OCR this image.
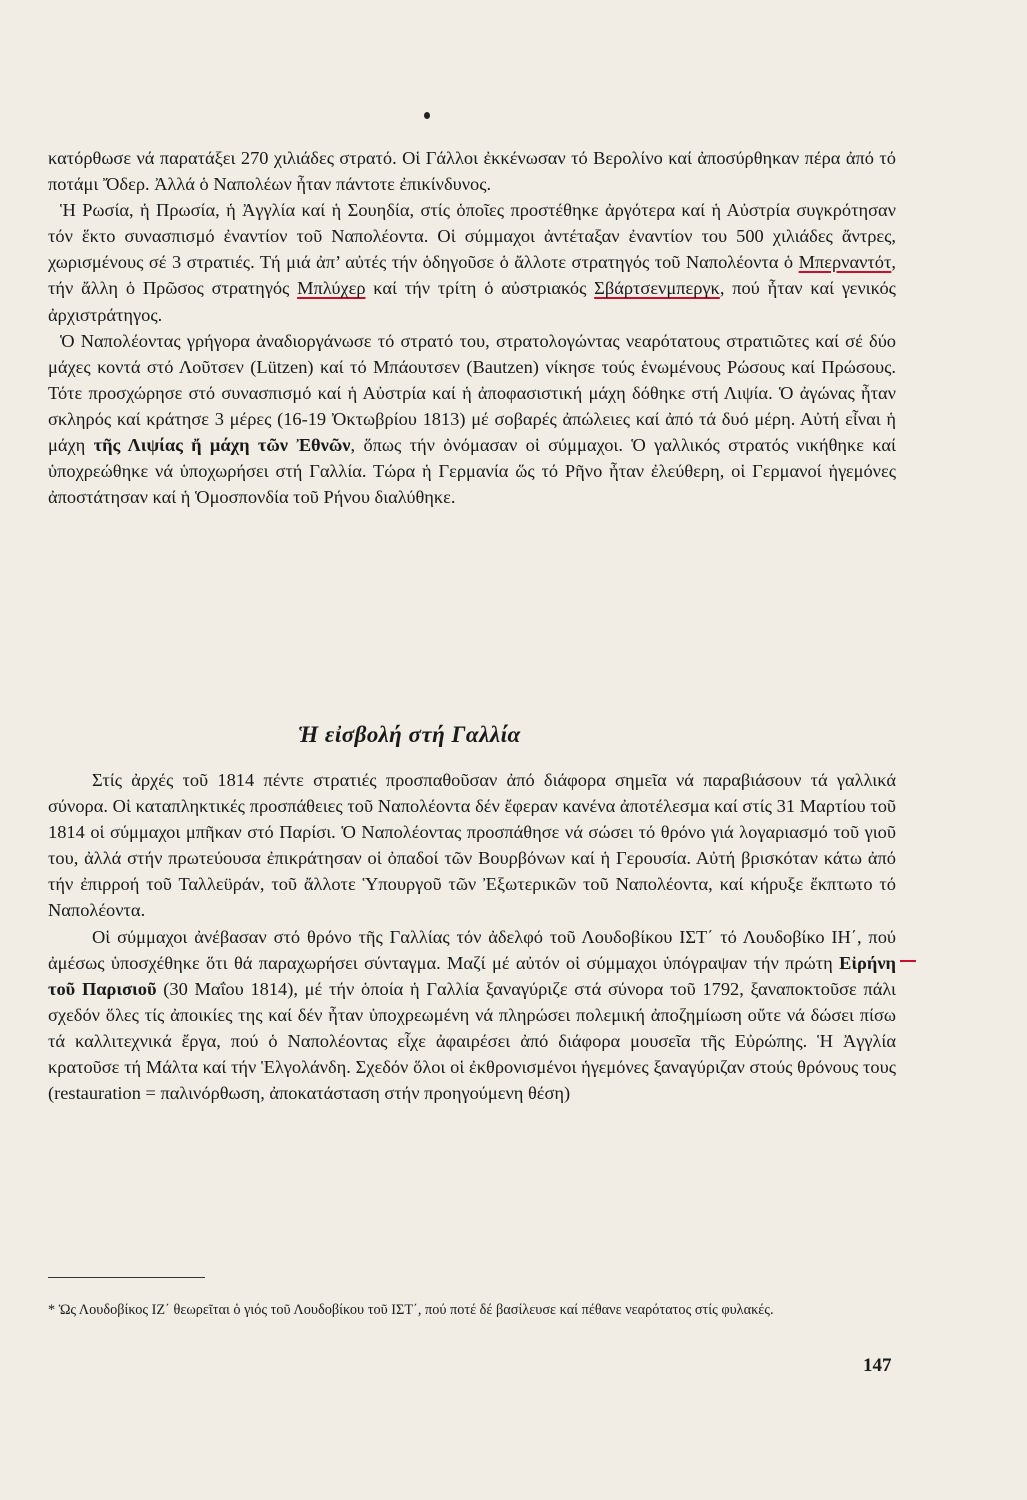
κατόρθωσε νά παρατάξει 270 χιλιάδες στρατό. Οἱ Γάλλοι ἐκκένωσαν τό Βερολίνο καί ἀποσύρθηκαν πέρα ἀπό τό ποτάμι Ὄδερ. Ἀλλά ὁ Ναπολέων ἦταν πάντοτε ἐπικίνδυνος.

Ἡ Ρωσία, ἡ Πρωσία, ἡ Ἀγγλία καί ἡ Σουηδία, στίς ὁποῖες προστέθηκε ἀργότερα καί ἡ Αὐστρία συγκρότησαν τόν ἕκτο συνασπισμό ἐναντίον τοῦ Ναπολέοντα. Οἱ σύμμαχοι ἀντέταξαν ἐναντίον του 500 χιλιάδες ἄντρες, χωρισμένους σέ 3 στρατιές. Τή μιά ἀπ’ αὐτές τήν ὁδηγοῦσε ὁ ἄλλοτε στρατηγός τοῦ Ναπολέοντα ὁ Μπερναντότ, τήν ἄλλη ὁ Πρῶσος στρατηγός Μπλύχερ καί τήν τρίτη ὁ αὐστριακός Σβάρτσενμπεργκ, πού ἦταν καί γενικός ἀρχιστράτηγος.

Ὁ Ναπολέοντας γρήγορα ἀναδιοργάνωσε τό στρατό του, στρατολογώντας νεαρότατους στρατιῶτες καί σέ δύο μάχες κοντά στό Λοῦτσεν (Lützen) καί τό Μπάουτσεν (Bautzen) νίκησε τούς ἑνωμένους Ρώσους καί Πρώσους. Τότε προσχώρησε στό συνασπισμό καί ἡ Αὐστρία καί ἡ ἀποφασιστική μάχη δόθηκε στή Λιψία. Ὁ ἀγώνας ἦταν σκληρός καί κράτησε 3 μέρες (16-19 Ὀκτωβρίου 1813) μέ σοβαρές ἀπώλειες καί ἀπό τά δυό μέρη. Αὐτή εἶναι ἡ μάχη τῆς Λιψίας ἤ μάχη τῶν Ἐθνῶν, ὅπως τήν ὀνόμασαν οἱ σύμμαχοι. Ὁ γαλλικός στρατός νικήθηκε καί ὑποχρεώθηκε νά ὑποχωρήσει στή Γαλλία. Τώρα ἡ Γερμανία ὥς τό Ρῆνο ἦταν ἐλεύθερη, οἱ Γερμανοί ἡγεμόνες ἀποστάτησαν καί ἡ Ὁμοσπονδία τοῦ Ρήνου διαλύθηκε.

Ἡ εἰσβολή στή Γαλλία

Στίς ἀρχές τοῦ 1814 πέντε στρατιές προσπαθοῦσαν ἀπό διάφορα σημεῖα νά παραβιάσουν τά γαλλικά σύνορα. Οἱ καταπληκτικές προσπάθειες τοῦ Ναπολέοντα δέν ἔφεραν κανένα ἀποτέλεσμα καί στίς 31 Μαρτίου τοῦ 1814 οἱ σύμμαχοι μπῆκαν στό Παρίσι. Ὁ Ναπολέοντας προσπάθησε νά σώσει τό θρόνο γιά λογαριασμό τοῦ γιοῦ του, ἀλλά στήν πρωτεύουσα ἐπικράτησαν οἱ ὀπαδοί τῶν Βουρβόνων καί ἡ Γερουσία. Αὐτή βρισκόταν κάτω ἀπό τήν ἐπιρροή τοῦ Ταλλεϋράν, τοῦ ἄλλοτε Ὑπουργοῦ τῶν Ἐξωτερικῶν τοῦ Ναπολέοντα, καί κήρυξε ἔκπτωτο τό Ναπολέοντα.

Οἱ σύμμαχοι ἀνέβασαν στό θρόνο τῆς Γαλλίας τόν ἀδελφό τοῦ Λουδοβίκου ΙΣΤ΄ τό Λουδοβίκο ΙΗ΄, πού ἀμέσως ὑποσχέθηκε ὅτι θά παραχωρήσει σύνταγμα. Μαζί μέ αὐτόν οἱ σύμμαχοι ὑπόγραψαν τήν πρώτη Εἰρήνη τοῦ Παρισιοῦ (30 Μαΐου 1814), μέ τήν ὁποία ἡ Γαλλία ξαναγύριζε στά σύνορα τοῦ 1792, ξαναποκτοῦσε πάλι σχεδόν ὅλες τίς ἀποικίες της καί δέν ἦταν ὑποχρεωμένη νά πληρώσει πολεμική ἀποζημίωση οὔτε νά δώσει πίσω τά καλλιτεχνικά ἔργα, πού ὁ Ναπολέοντας εἶχε ἀφαιρέσει ἀπό διάφορα μουσεῖα τῆς Εὐρώπης. Ἡ Ἀγγλία κρατοῦσε τή Μάλτα καί τήν Ἑλγολάνδη. Σχεδόν ὅλοι οἱ ἐκθρονισμένοι ἡγεμόνες ξαναγύριζαν στούς θρόνους τους (restauration = παλινόρθωση, ἀποκατάσταση στήν προηγούμενη θέση)

* Ὡς Λουδοβίκος ΙΖ΄ θεωρεῖται ὁ γιός τοῦ Λουδοβίκου τοῦ ΙΣΤ΄, πού ποτέ δέ βασίλευσε καί πέθανε νεαρότατος στίς φυλακές.
147
